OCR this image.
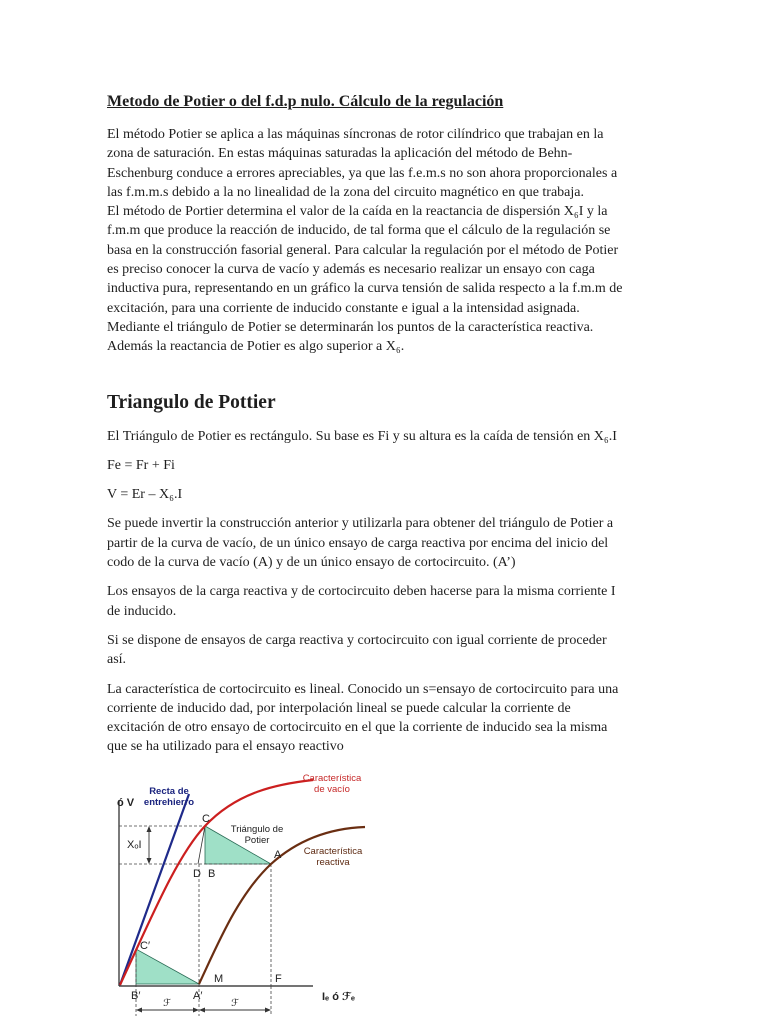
Metodo de Potier o del f.d.p nulo. Cálculo de la regulación
El método Potier se aplica a las máquinas síncronas de rotor cilíndrico que trabajan en la
zona de saturación. En estas máquinas saturadas la aplicación del método de Behn-
Eschenburg conduce a errores apreciables, ya que las f.e.m.s no son ahora proporcionales a
las f.m.m.s debido a la no linealidad de la zona del circuito magnético en que trabaja.
El método de Portier determina el valor de la caída en la reactancia de dispersión X₆I y la
f.m.m que produce la reacción de inducido, de tal forma que el cálculo de la regulación se
basa en la construcción fasorial general. Para calcular la regulación por el método de Potier
es preciso conocer la curva de vacío y además es necesario realizar un ensayo con caga
inductiva pura, representando en un gráfico la curva tensión de salida respecto a la f.m.m de
excitación, para una corriente de inducido constante e igual a la intensidad asignada.
Mediante el triángulo de Potier se determinarán los puntos de la característica reactiva.
Además la reactancia de Potier es algo superior a X₆.
Triangulo de Pottier
El Triángulo de Potier es rectángulo. Su base es Fi y su altura es la caída de tensión en X₆.I
Fe = Fr + Fi
V = Er – X₆.I
Se puede invertir la construcción anterior y utilizarla para obtener del triángulo de Potier a
partir de la curva de vacío, de un único ensayo de carga reactiva por encima del inicio del
codo de la curva de vacío (A) y de un único ensayo de cortocircuito. (A’)
Los ensayos de la carga reactiva y de cortocircuito deben hacerse para la misma corriente I
de inducido.
Si se dispone de ensayos de carga reactiva y cortocircuito con igual corriente de proceder
así.
La característica de cortocircuito es lineal. Conocido un s=ensayo de cortocircuito para una
corriente de inducido dad, por interpolación lineal se puede calcular la corriente de
excitación de otro ensayo de cortocircuito en el que la corriente de inducido sea la misma
que se ha utilizado para el ensayo reactivo
ó V
Recta de
entrehierro
Característica
de vacío
Triángulo de
Potier
Característica
reactiva
XₒI
C
A
D B
C′
M	F
B′	A′	Iₑ ó ℱₑ
ℱ	ℱ
